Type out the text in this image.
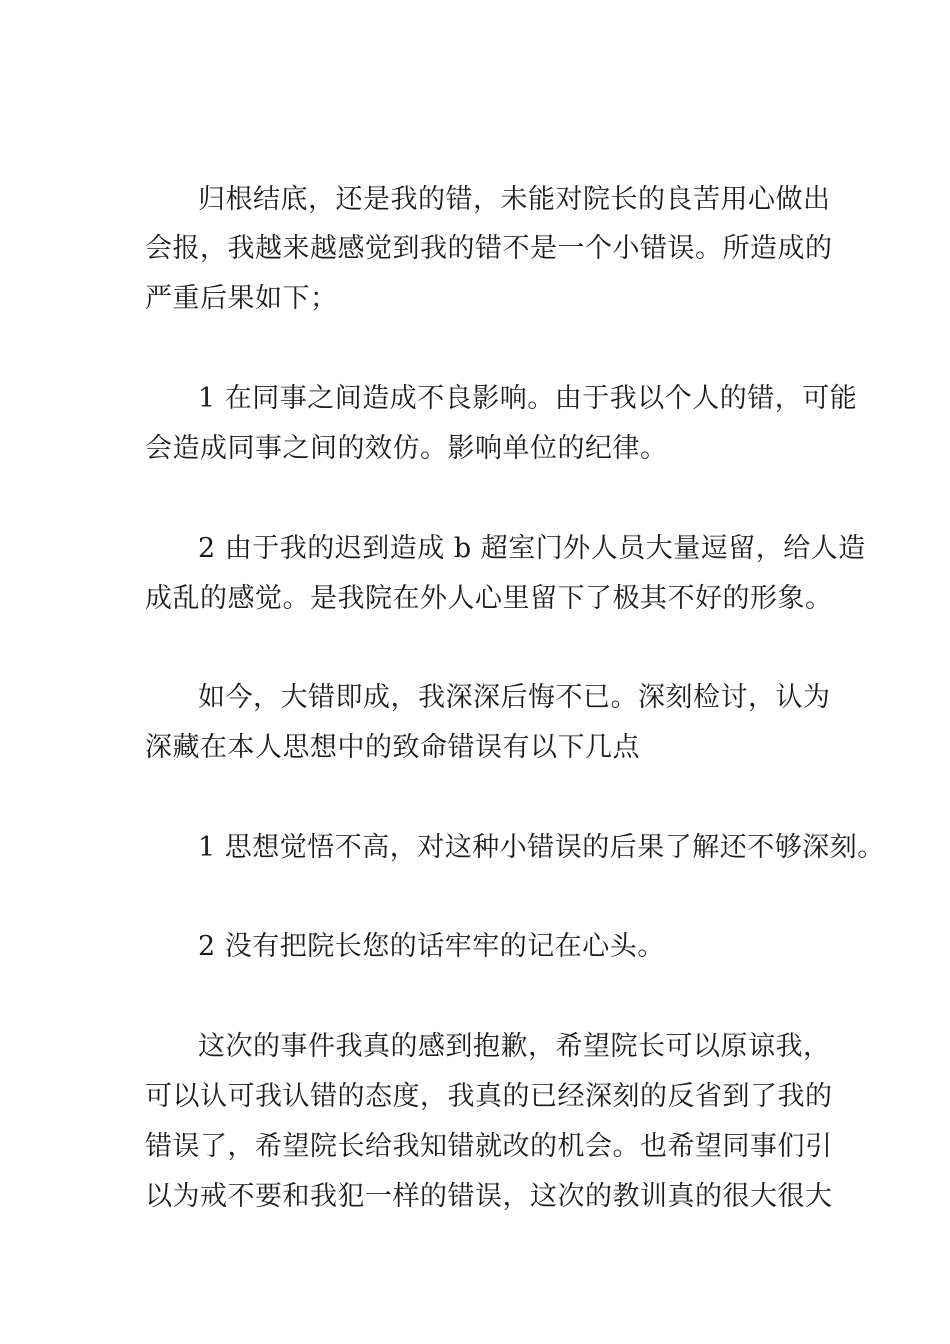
归根结底，还是我的错，未能对院长的良苦用心做出
会报，我越来越感觉到我的错不是一个小错误。所造成的
严重后果如下；
1 在同事之间造成不良影响。由于我以个人的错，可能
会造成同事之间的效仿。影响单位的纪律。
2 由于我的迟到造成 b 超室门外人员大量逗留，给人造
成乱的感觉。是我院在外人心里留下了极其不好的形象。
如今，大错即成，我深深后悔不已。深刻检讨，认为
深藏在本人思想中的致命错误有以下几点
1 思想觉悟不高，对这种小错误的后果了解还不够深刻。
2 没有把院长您的话牢牢的记在心头。
这次的事件我真的感到抱歉，希望院长可以原谅我，
可以认可我认错的态度，我真的已经深刻的反省到了我的
错误了，希望院长给我知错就改的机会。也希望同事们引
以为戒不要和我犯一样的错误，这次的教训真的很大很大
